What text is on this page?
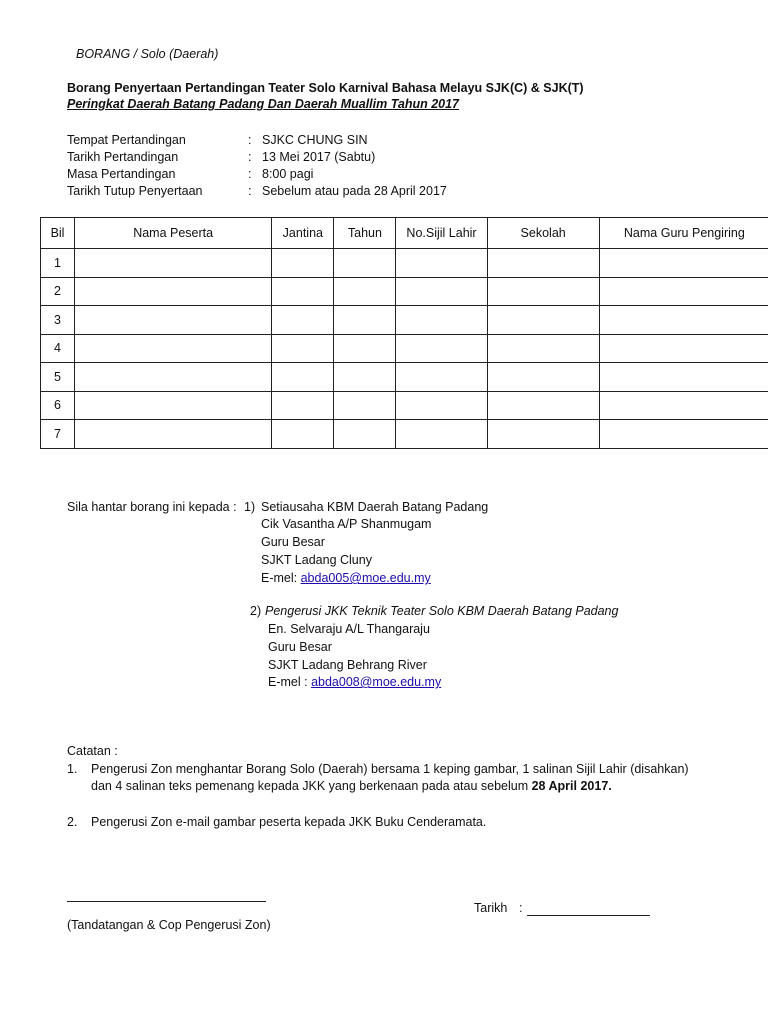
BORANG / Solo (Daerah)
Borang Penyertaan Pertandingan Teater Solo Karnival Bahasa Melayu SJK(C) & SJK(T)
Peringkat Daerah Batang Padang Dan Daerah Muallim Tahun 2017
Tempat Pertandingan	: SJKC CHUNG SIN
Tarikh Pertandingan	: 13 Mei 2017 (Sabtu)
Masa Pertandingan	: 8:00 pagi
Tarikh Tutup Penyertaan	: Sebelum atau pada 28 April 2017
Bil	Nama Peserta	Jantina	Tahun	No.Sijil Lahir	Sekolah	Nama Guru Pengiring
1						
2						
3						
4						
5						
6						
7						
Sila hantar borang ini kepada : 1) Setiausaha KBM Daerah Batang Padang
Cik Vasantha A/P Shanmugam
Guru Besar
SJKT Ladang Cluny
E-mel: abda005@moe.edu.my
2) Pengerusi JKK Teknik Teater Solo KBM Daerah Batang Padang
En. Selvaraju A/L Thangaraju
Guru Besar
SJKT Ladang Behrang River
E-mel : abda008@moe.edu.my
Catatan :
1. Pengerusi Zon menghantar Borang Solo (Daerah) bersama 1 keping gambar, 1 salinan Sijil Lahir (disahkan)
dan 4 salinan teks pemenang kepada JKK yang berkenaan pada atau sebelum 28 April 2017.
2. Pengerusi Zon e-mail gambar peserta kepada JKK Buku Cenderamata.
(Tandatangan & Cop Pengerusi Zon)
Tarikh :
